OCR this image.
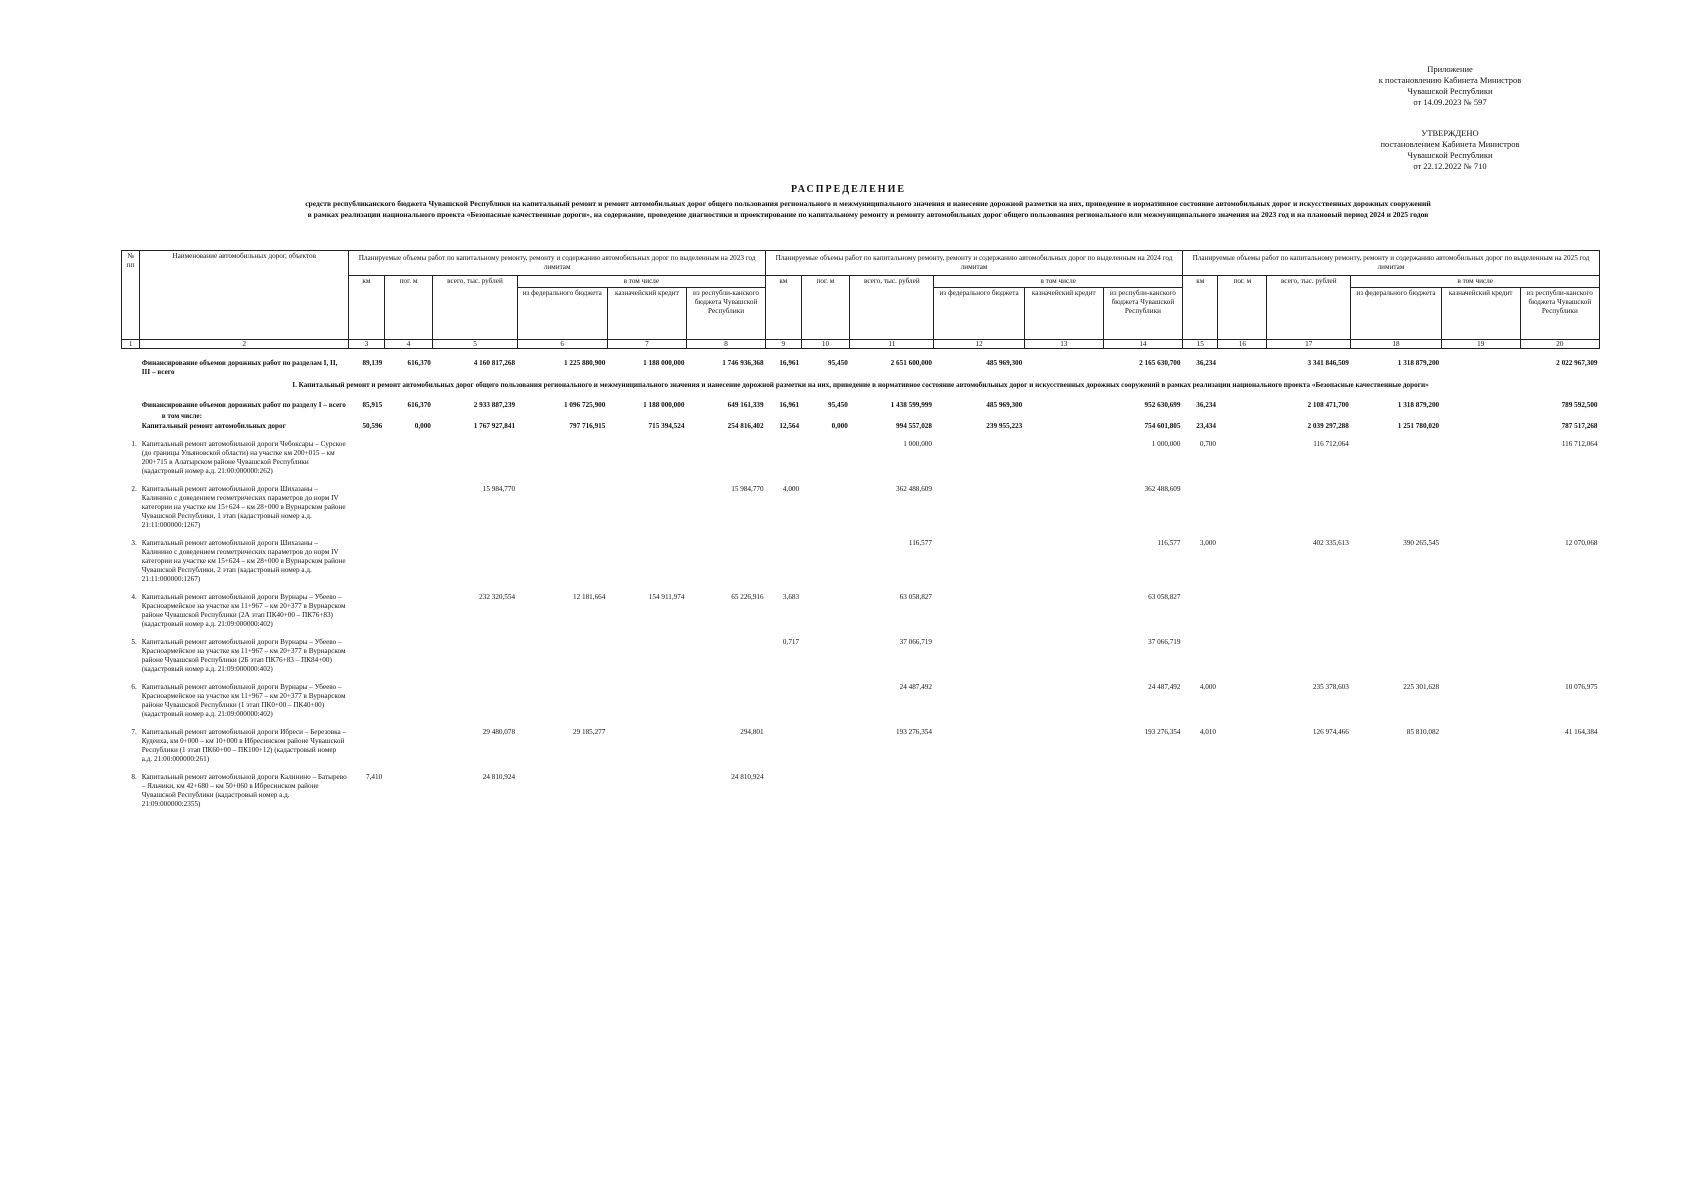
Приложение
к постановлению Кабинета Министров
Чувашской Республики
от 14.09.2023 № 597
УТВЕРЖДЕНО
постановлением Кабинета Министров
Чувашской Республики
от 22.12.2022 № 710
РАСПРЕДЕЛЕНИЕ
средств республиканского бюджета Чувашской Республики на капитальный ремонт и ремонт автомобильных дорог общего пользования регионального и межмуниципального значения и нанесение дорожной разметки на них, приведение в нормативное состояние автомобильных дорог и искусственных дорожных сооружений
в рамках реализации национального проекта «Безопасные качественные дороги», на содержание, проведение диагностики и проектирование по капитальному ремонту и ремонту автомобильных дорог общего пользования регионального или межмуниципального значения на 2023 год и на плановый период 2024 и 2025 годов
№ пп	Наименование автомобильных дорог, объектов	Планируемые объемы работ по капитальному ремонту, ремонту и содержанию автомобильных дорог по выделенным на 2023 год лимитам						Планируемые объемы работ по капитальному ремонту, ремонту и содержанию автомобильных дорог по выделенным на 2024 год лимитам						Планируемые объемы работ по капитальному ремонту, ремонту и содержанию автомобильных дорог по выделенным на 2025 год лимитам					
		км	пог. м	всего, тыс. рублей	в том числе			км	пог. м	всего, тыс. рублей	в том числе			км	пог. м	всего, тыс. рублей	в том числе		
					из федерального бюджета	казначейский кредит	из республи-канского бюджета Чувашской Республики				из федерального бюджета	казначейский кредит	из республи-канского бюджета Чувашской Республики				из федерального бюджета	казначейский кредит	из республи-канского бюджета Чувашской Республики
1	2	3	4	5	6	7	8	9	10	11	12	13	14	15	16	17	18	19	20
	Финансирование объемов дорожных работ по разделам I, II, III – всего	89,139	616,370	4 160 817,268	1 225 880,900	1 188 000,000	1 746 936,368	16,961	95,450	2 651 600,000	485 969,300		2 165 630,700	36,234		3 341 846,509	1 318 879,200		2 022 967,309
I. Капитальный ремонт и ремонт автомобильных дорог общего пользования регионального и межмуниципального значения и нанесение дорожной разметки на них, приведение в нормативное состояние автомобильных дорог и искусственных дорожных сооружений в рамках реализации национального проекта «Безопасные качественные дороги»																			
	Финансирование объемов дорожных работ по разделу I – всего	85,915	616,370	2 933 887,239	1 096 725,900	1 188 000,000	649 161,339	16,961	95,450	1 438 599,999	485 969,300		952 630,699	36,234		2 108 471,700	1 318 879,200		789 592,500
	в том числе:																		
	Капитальный ремонт автомобильных дорог	50,596	0,000	1 767 927,841	797 716,915	715 394,524	254 816,402	12,564	0,000	994 557,028	239 955,223		754 601,805	23,434		2 039 297,288	1 251 780,020		787 517,268
1.	Капитальный ремонт автомобильной дороги Чебоксары – Сурское (до границы Ульяновской области) на участке км 200+015 – км 200+715 в Алатырском районе Чувашской Республики (кадастровый номер а.д. 21:00:000000:262)									1 000,000			1 000,000	0,700		116 712,064			116 712,064
2.	Капитальный ремонт автомобильной дороги Шихазаны – Калинино с доведением геометрических параметров до норм IV категории на участке км 15+624 – км 28+000 в Вурнарском районе Чувашской Республики, 1 этап (кадастровый номер а.д. 21:11:000000:1267)			15 984,770			15 984,770	4,000		362 488,609			362 488,609						
3.	Капитальный ремонт автомобильной дороги Шихазаны – Калинино с доведением геометрических параметров до норм IV категории на участке км 15+624 – км 28+000 в Вурнарском районе Чувашской Республики, 2 этап (кадастровый номер а.д. 21:11:000000:1267)									116,577			116,577	3,000		402 335,613	390 265,545		12 070,068
4.	Капитальный ремонт автомобильной дороги Вурнары – Убеево – Красноармейское на участке км 11+967 – км 20+377 в Вурнарском районе Чувашской Республики (2А этап ПК40+00 – ПК76+83) (кадастровый номер а.д. 21:09:000000:402)			232 320,554	12 181,664	154 911,974	65 226,916	3,683		63 058,827			63 058,827						
5.	Капитальный ремонт автомобильной дороги Вурнары – Убеево – Красноармейское на участке км 11+967 – км 20+377 в Вурнарском районе Чувашской Республики (2Б этап ПК76+83 – ПК84+00) (кадастровый номер а.д. 21:09:000000:402)							0,717		37 066,719			37 066,719						
6.	Капитальный ремонт автомобильной дороги Вурнары – Убеево – Красноармейское на участке км 11+967 – км 20+377 в Вурнарском районе Чувашской Республики (1 этап ПК0+00 – ПК40+00) (кадастровый номер а.д. 21:09:000000:402)									24 487,492			24 487,492	4,000		235 378,603	225 301,628		10 076,975
7.	Капитальный ремонт автомобильной дороги Ибреси – Березовка – Кудеиха, км 0+000 – км 10+000 в Ибресинском районе Чувашской Республики (1 этап ПК60+00 – ПК100+12) (кадастровый номер а.д. 21:00:000000:261)			29 480,078	29 185,277		294,801			193 276,354			193 276,354	4,010		126 974,466	85 810,082		41 164,384
8.	Капитальный ремонт автомобильной дороги Калинино – Батырево – Яльчики, км 42+680 – км 50+060 в Ибресинском районе Чувашской Республики (кадастровый номер а.д. 21:09:000000:2355)	7,410		24 810,924			24 810,924												
